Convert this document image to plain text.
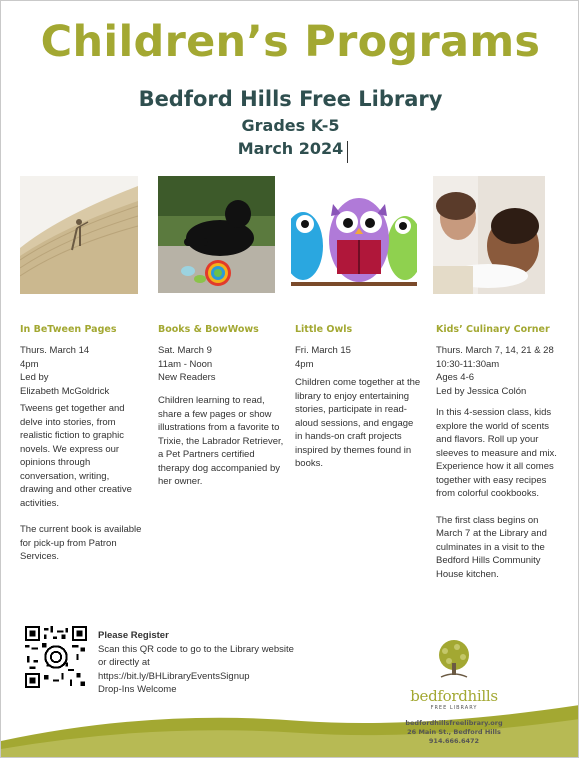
Children’s Programs
Bedford Hills Free Library
Grades K-5
March 2024
In BeTween Pages
Thurs. March 14
4pm
Led by
Elizabeth McGoldrick

Tweens get together and delve into stories, from realistic fiction to graphic novels. We express our opinions through conversation, writing, drawing and other creative activities.

The current book is available for pick-up from Patron Services.

Books & BowWows
Sat. March 9
11am - Noon
New Readers

Children learning to read, share a few pages or show illustrations from a favorite to Trixie, the Labrador Retriever, a Pet Partners certified therapy dog accompanied by her owner.

Little Owls
Fri. March 15
4pm

Children come together at the library to enjoy entertaining stories, participate in read-aloud sessions, and engage in hands-on craft projects inspired by themes found in books.

Kids’ Culinary Corner
Thurs. March 7, 14, 21 & 28
10:30-11:30am
Ages 4-6
Led by Jessica Colón

In this 4-session class, kids explore the world of scents and flavors. Roll up your sleeves to measure and mix. Experience how it all comes together with easy recipes from colorful cookbooks.

The first class begins on March 7 at the Library and culminates in a visit to the Bedford Hills Community House kitchen.

Please Register
Scan this QR code to go to the Library website
or directly at
https://bit.ly/BHLibraryEventsSignup
Drop-Ins Welcome	bedfordhills
FREE LIBRARY
bedfordhillsfreelibrary.org
26 Main St., Bedford Hills
914.666.6472
